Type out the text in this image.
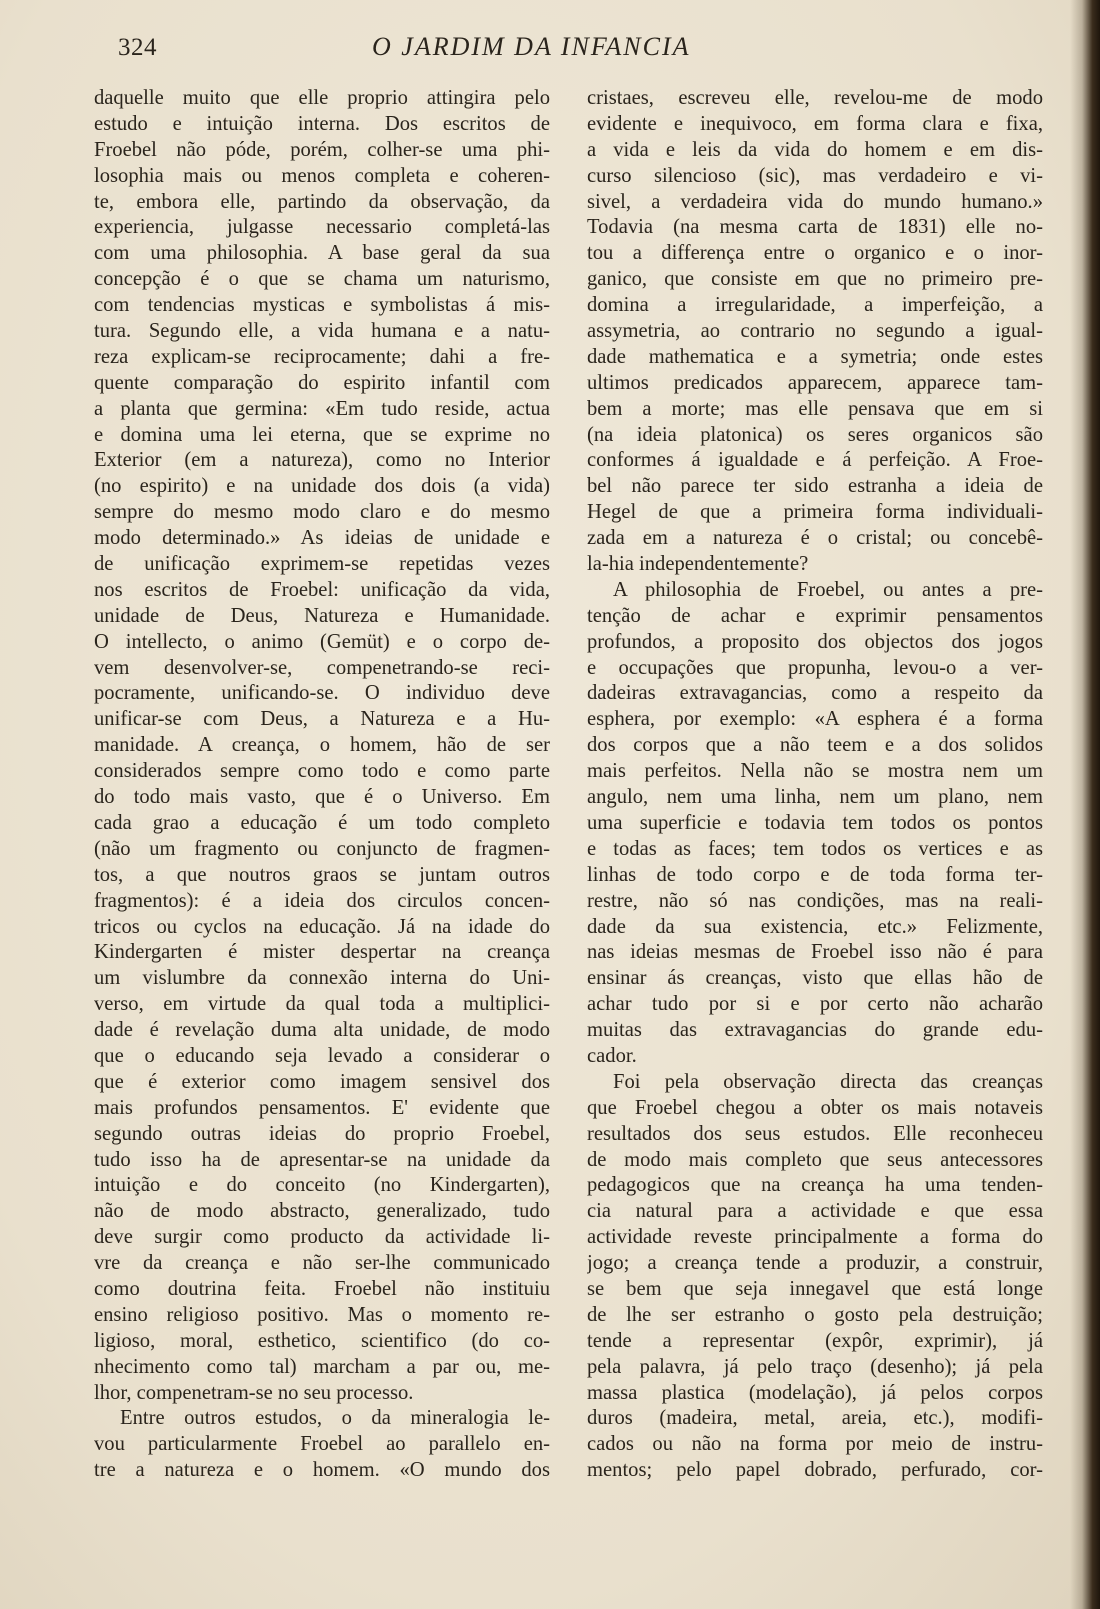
324	O JARDIM DA INFANCIA
daquelle muito que elle proprio attingira pelo
estudo e intuição interna. Dos escritos de
Froebel não póde, porém, colher-se uma phi-
losophia mais ou menos completa e coheren-
te, embora elle, partindo da observação, da
experiencia, julgasse necessario completá-las
com uma philosophia. A base geral da sua
concepção é o que se chama um naturismo,
com tendencias mysticas e symbolistas á mis-
tura. Segundo elle, a vida humana e a natu-
reza explicam-se reciprocamente; dahi a fre-
quente comparação do espirito infantil com
a planta que germina: «Em tudo reside, actua
e domina uma lei eterna, que se exprime no
Exterior (em a natureza), como no Interior
(no espirito) e na unidade dos dois (a vida)
sempre do mesmo modo claro e do mesmo
modo determinado.» As ideias de unidade e
de unificação exprimem-se repetidas vezes
nos escritos de Froebel: unificação da vida,
unidade de Deus, Natureza e Humanidade.
O intellecto, o animo (Gemüt) e o corpo de-
vem desenvolver-se, compenetrando-se reci-
pocramente, unificando-se. O individuo deve
unificar-se com Deus, a Natureza e a Hu-
manidade. A creança, o homem, hão de ser
considerados sempre como todo e como parte
do todo mais vasto, que é o Universo. Em
cada grao a educação é um todo completo
(não um fragmento ou conjuncto de fragmen-
tos, a que noutros graos se juntam outros
fragmentos): é a ideia dos circulos concen-
tricos ou cyclos na educação. Já na idade do
Kindergarten é mister despertar na creança
um vislumbre da connexão interna do Uni-
verso, em virtude da qual toda a multiplici-
dade é revelação duma alta unidade, de modo
que o educando seja levado a considerar o
que é exterior como imagem sensivel dos
mais profundos pensamentos. E' evidente que
segundo outras ideias do proprio Froebel,
tudo isso ha de apresentar-se na unidade da
intuição e do conceito (no Kindergarten),
não de modo abstracto, generalizado, tudo
deve surgir como producto da actividade li-
vre da creança e não ser-lhe communicado
como doutrina feita. Froebel não instituiu
ensino religioso positivo. Mas o momento re-
ligioso, moral, esthetico, scientifico (do co-
nhecimento como tal) marcham a par ou, me-
lhor, compenetram-se no seu processo.
Entre outros estudos, o da mineralogia le-
vou particularmente Froebel ao parallelo en-
tre a natureza e o homem. «O mundo dos
cristaes, escreveu elle, revelou-me de modo
evidente e inequivoco, em forma clara e fixa,
a vida e leis da vida do homem e em dis-
curso silencioso (sic), mas verdadeiro e vi-
sivel, a verdadeira vida do mundo humano.»
Todavia (na mesma carta de 1831) elle no-
tou a differença entre o organico e o inor-
ganico, que consiste em que no primeiro pre-
domina a irregularidade, a imperfeição, a
assymetria, ao contrario no segundo a igual-
dade mathematica e a symetria; onde estes
ultimos predicados apparecem, apparece tam-
bem a morte; mas elle pensava que em si
(na ideia platonica) os seres organicos são
conformes á igualdade e á perfeição. A Froe-
bel não parece ter sido estranha a ideia de
Hegel de que a primeira forma individuali-
zada em a natureza é o cristal; ou concebê-
la-hia independentemente?
A philosophia de Froebel, ou antes a pre-
tenção de achar e exprimir pensamentos
profundos, a proposito dos objectos dos jogos
e occupações que propunha, levou-o a ver-
dadeiras extravagancias, como a respeito da
esphera, por exemplo: «A esphera é a forma
dos corpos que a não teem e a dos solidos
mais perfeitos. Nella não se mostra nem um
angulo, nem uma linha, nem um plano, nem
uma superficie e todavia tem todos os pontos
e todas as faces; tem todos os vertices e as
linhas de todo corpo e de toda forma ter-
restre, não só nas condições, mas na reali-
dade da sua existencia, etc.» Felizmente,
nas ideias mesmas de Froebel isso não é para
ensinar ás creanças, visto que ellas hão de
achar tudo por si e por certo não acharão
muitas das extravagancias do grande edu-
cador.
Foi pela observação directa das creanças
que Froebel chegou a obter os mais notaveis
resultados dos seus estudos. Elle reconheceu
de modo mais completo que seus antecessores
pedagogicos que na creança ha uma tenden-
cia natural para a actividade e que essa
actividade reveste principalmente a forma do
jogo; a creança tende a produzir, a construir,
se bem que seja innegavel que está longe
de lhe ser estranho o gosto pela destruição;
tende a representar (expôr, exprimir), já
pela palavra, já pelo traço (desenho); já pela
massa plastica (modelação), já pelos corpos
duros (madeira, metal, areia, etc.), modifi-
cados ou não na forma por meio de instru-
mentos; pelo papel dobrado, perfurado, cor-
